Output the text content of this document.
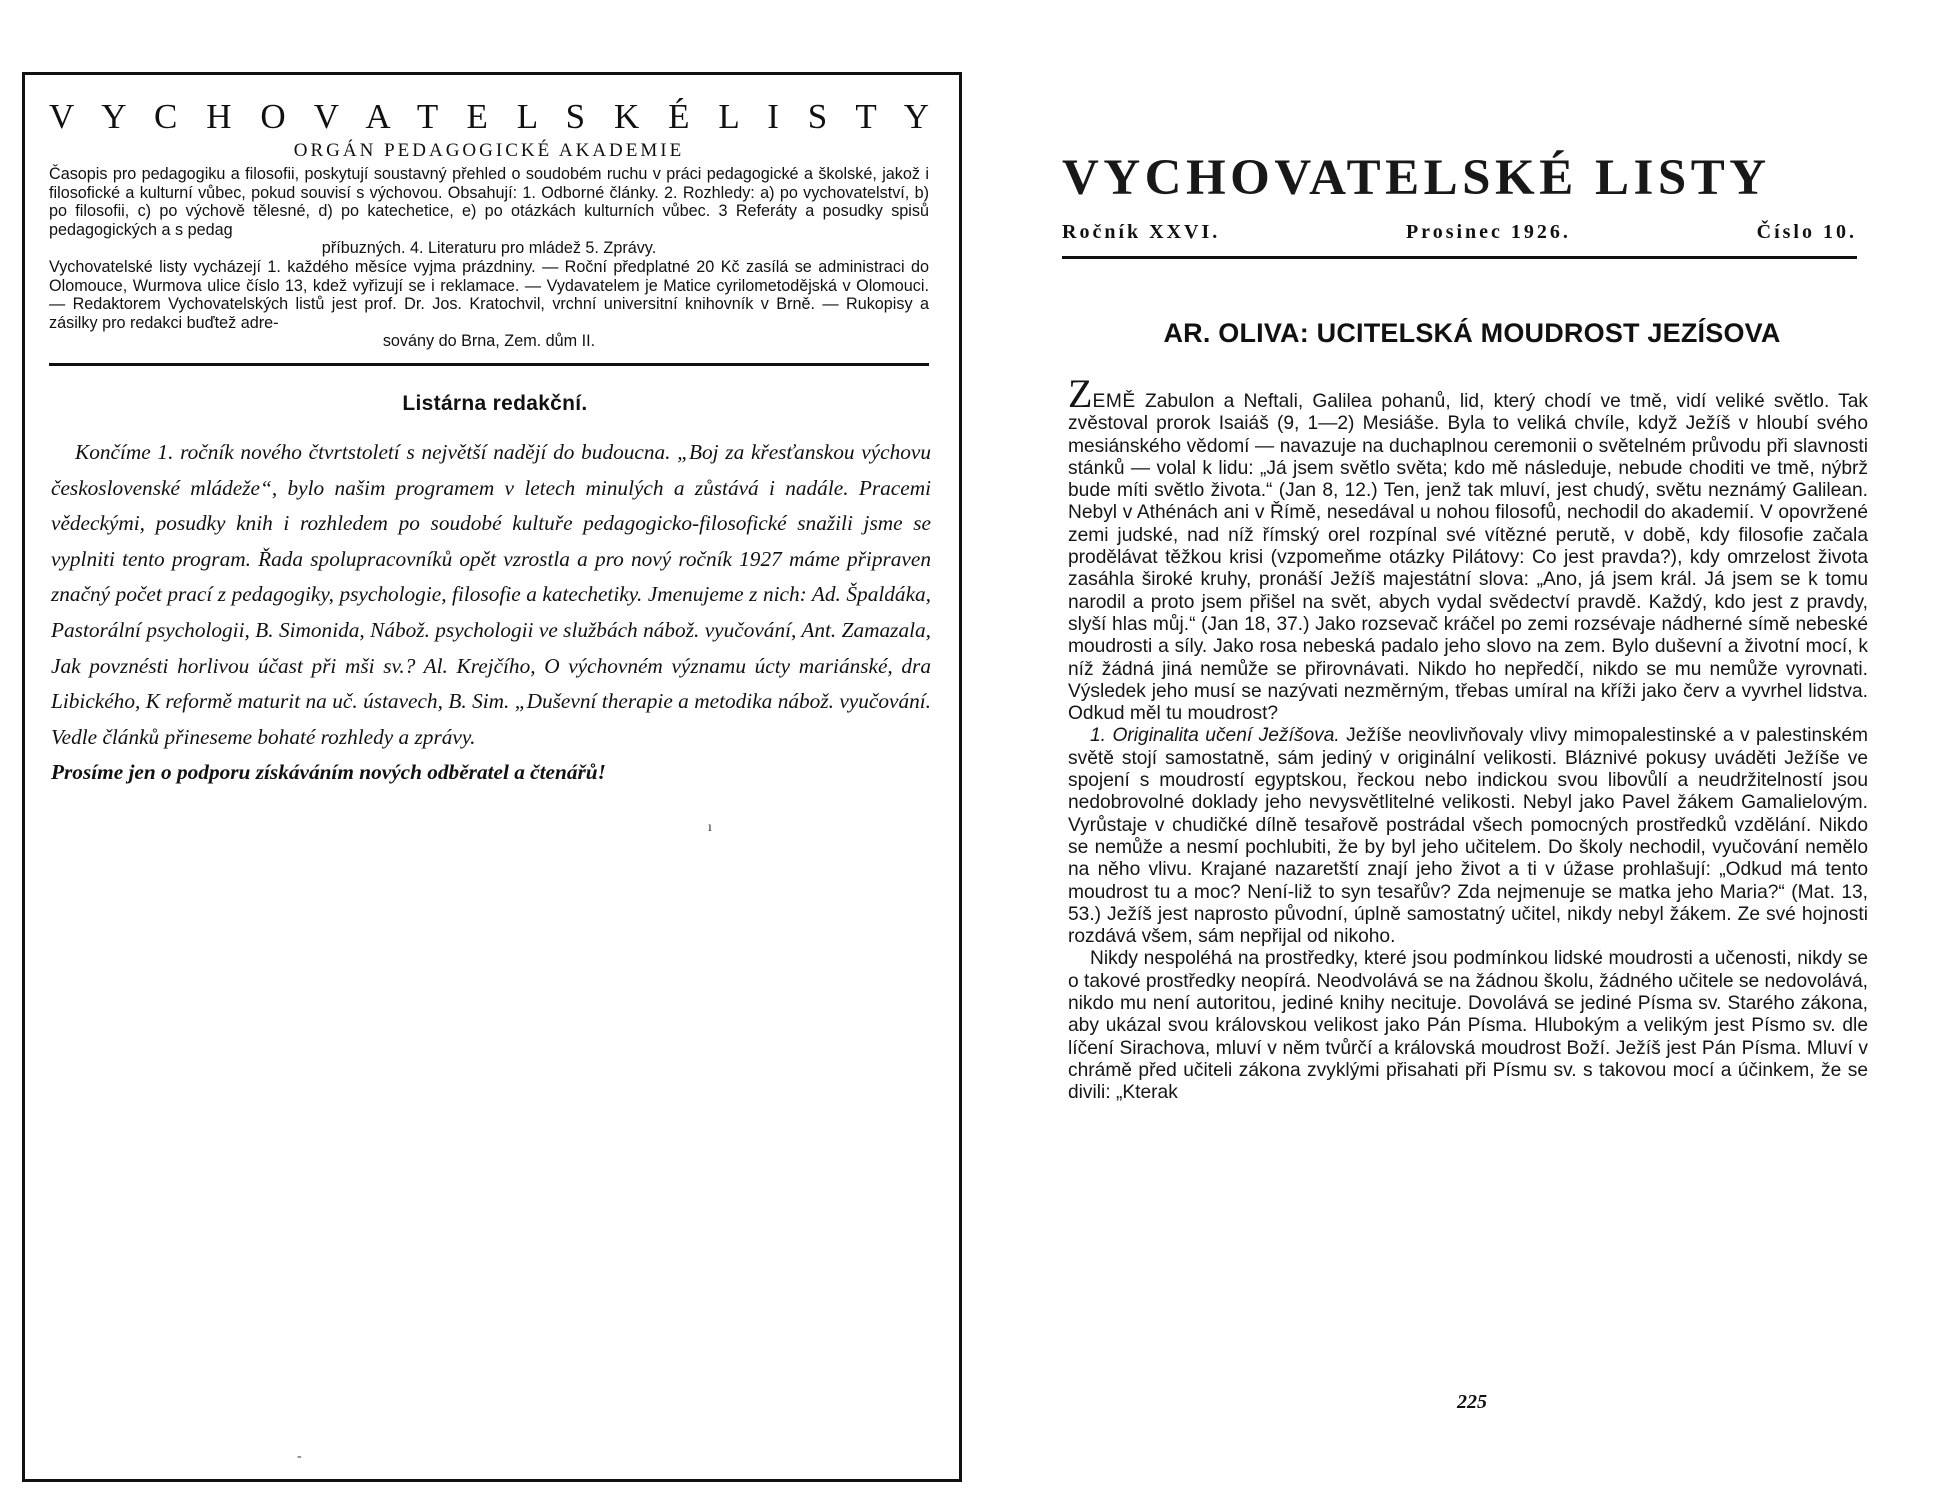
V Y C H O V A T E L S K É L I S T Y
ORGÁN PEDAGOGICKÉ AKADEMIE

Časopis pro pedagogiku a filosofii, poskytují soustavný přehled o soudobém ruchu v práci pedagogické a školské, jakož i filosofické a kulturní vůbec, pokud souvisí s výchovou. Obsahují: 1. Odborné články. 2. Rozhledy: a) po vychovatelství, b) po filosofii, c) po výchově tělesné, d) po katechetice, e) po otázkách kulturních vůbec. 3 Referáty a posudky spisů pedagogických a s pedag

příbuzných. 4. Literaturu pro mládež 5. Zprávy.

Vychovatelské listy vycházejí 1. každého měsíce vyjma prázdniny. — Roční předplatné 20 Kč zasílá se administraci do Olomouce, Wurmova ulice číslo 13, kdež vyřizují se i reklamace. — Vydavatelem je Matice cyrilometodějská v Olomouci. — Redaktorem Vychovatelských listů jest prof. Dr. Jos. Kratochvil, vrchní universitní knihovník v Brně. — Rukopisy a zásilky pro redakci buďtež adre-

sovány do Brna, Zem. dům II.

Listárna redakční.

Končíme 1. ročník nového čtvrtstoletí s největší nadějí do budoucna. „Boj za křesťanskou výchovu československé mládeže“, bylo našim programem v letech minulých a zůstává i nadále. Pracemi vědeckými, posudky knih i rozhledem po soudobé kultuře pedagogicko-filosofické snažili jsme se vyplniti tento program. Řada spolupracovníků opět vzrostla a pro nový ročník 1927 máme připraven značný počet prací z pedagogiky, psychologie, filosofie a katechetiky. Jmenujeme z nich: Ad. Špaldáka, Pastorální psychologii, B. Simonida, Nábož. psychologii ve službách nábož. vyučování, Ant. Zamazala, Jak povznésti horlivou účast při mši sv.? Al. Krejčího, O výchovném významu úcty mariánské, dra Libického, K reformě maturit na uč. ústavech, B. Sim. „Duševní therapie a metodika nábož. vyučování. Vedle článků přineseme bohaté rozhledy a zprávy.

Prosíme jen o podporu získáváním nových odběratel a čtenářů!

ı
-
VYCHOVATELSKÉ LISTY
Ročník XXVI.	Prosinec 1926.	Číslo 10.
AR. OLIVA: UCITELSKÁ MOUDROST JEZÍSOVA

ZEMĚ Zabulon a Neftali, Galilea pohanů, lid, který chodí ve tmě, vidí veliké světlo. Tak zvěstoval prorok Isaiáš (9, 1—2) Mesiáše. Byla to veliká chvíle, když Ježíš v hloubí svého mesiánského vědomí — navazuje na duchaplnou ceremonii o světelném průvodu při slavnosti stánků — volal k lidu: „Já jsem světlo světa; kdo mě následuje, nebude choditi ve tmě, nýbrž bude míti světlo života.“ (Jan 8, 12.) Ten, jenž tak mluví, jest chudý, světu neznámý Galilean. Nebyl v Athénách ani v Římě, nesedával u nohou filosofů, nechodil do akademií. V opovržené zemi judské, nad níž římský orel rozpínal své vítězné perutě, v době, kdy filosofie začala prodělávat těžkou krisi (vzpomeňme otázky Pilátovy: Co jest pravda?), kdy omrzelost života zasáhla široké kruhy, pronáší Ježíš majestátní slova: „Ano, já jsem král. Já jsem se k tomu narodil a proto jsem přišel na svět, abych vydal svědectví pravdě. Každý, kdo jest z pravdy, slyší hlas můj.“ (Jan 18, 37.) Jako rozsevač kráčel po zemi rozsévaje nádherné símě nebeské moudrosti a síly. Jako rosa nebeská padalo jeho slovo na zem. Bylo duševní a životní mocí, k níž žádná jiná nemůže se přirovnávati. Nikdo ho nepředčí, nikdo se mu nemůže vyrovnati. Výsledek jeho musí se nazývati nezměrným, třebas umíral na kříži jako červ a vyvrhel lidstva. Odkud měl tu moudrost?

1. Originalita učení Ježíšova. Ježíše neovlivňovaly vlivy mimopalestinské a v palestinském světě stojí samostatně, sám jediný v originální velikosti. Bláznivé pokusy uváděti Ježíše ve spojení s moudrostí egyptskou, řeckou nebo indickou svou libovůlí a neudržitelností jsou nedobrovolné doklady jeho nevysvětlitelné velikosti. Nebyl jako Pavel žákem Gamalielovým. Vyrůstaje v chudičké dílně tesařově postrádal všech pomocných prostředků vzdělání. Nikdo se nemůže a nesmí pochlubiti, že by byl jeho učitelem. Do školy nechodil, vyučování nemělo na něho vlivu. Krajané nazaretští znají jeho život a ti v úžase prohlašují: „Odkud má tento moudrost tu a moc? Není-liž to syn tesařův? Zda nejmenuje se matka jeho Maria?“ (Mat. 13, 53.) Ježíš jest naprosto původní, úplně samostatný učitel, nikdy nebyl žákem. Ze své hojnosti rozdává všem, sám nepřijal od nikoho.

Nikdy nespoléhá na prostředky, které jsou podmínkou lidské moudrosti a učenosti, nikdy se o takové prostředky neopírá. Neodvolává se na žádnou školu, žádného učitele se nedovolává, nikdo mu není autoritou, jediné knihy necituje. Dovolává se jediné Písma sv. Starého zákona, aby ukázal svou královskou velikost jako Pán Písma. Hlubokým a velikým jest Písmo sv. dle líčení Sirachova, mluví v něm tvůrčí a královská moudrost Boží. Ježíš jest Pán Písma. Mluví v chrámě před učiteli zákona zvyklými přisahati při Písmu sv. s takovou mocí a účinkem, že se divili: „Kterak

225
